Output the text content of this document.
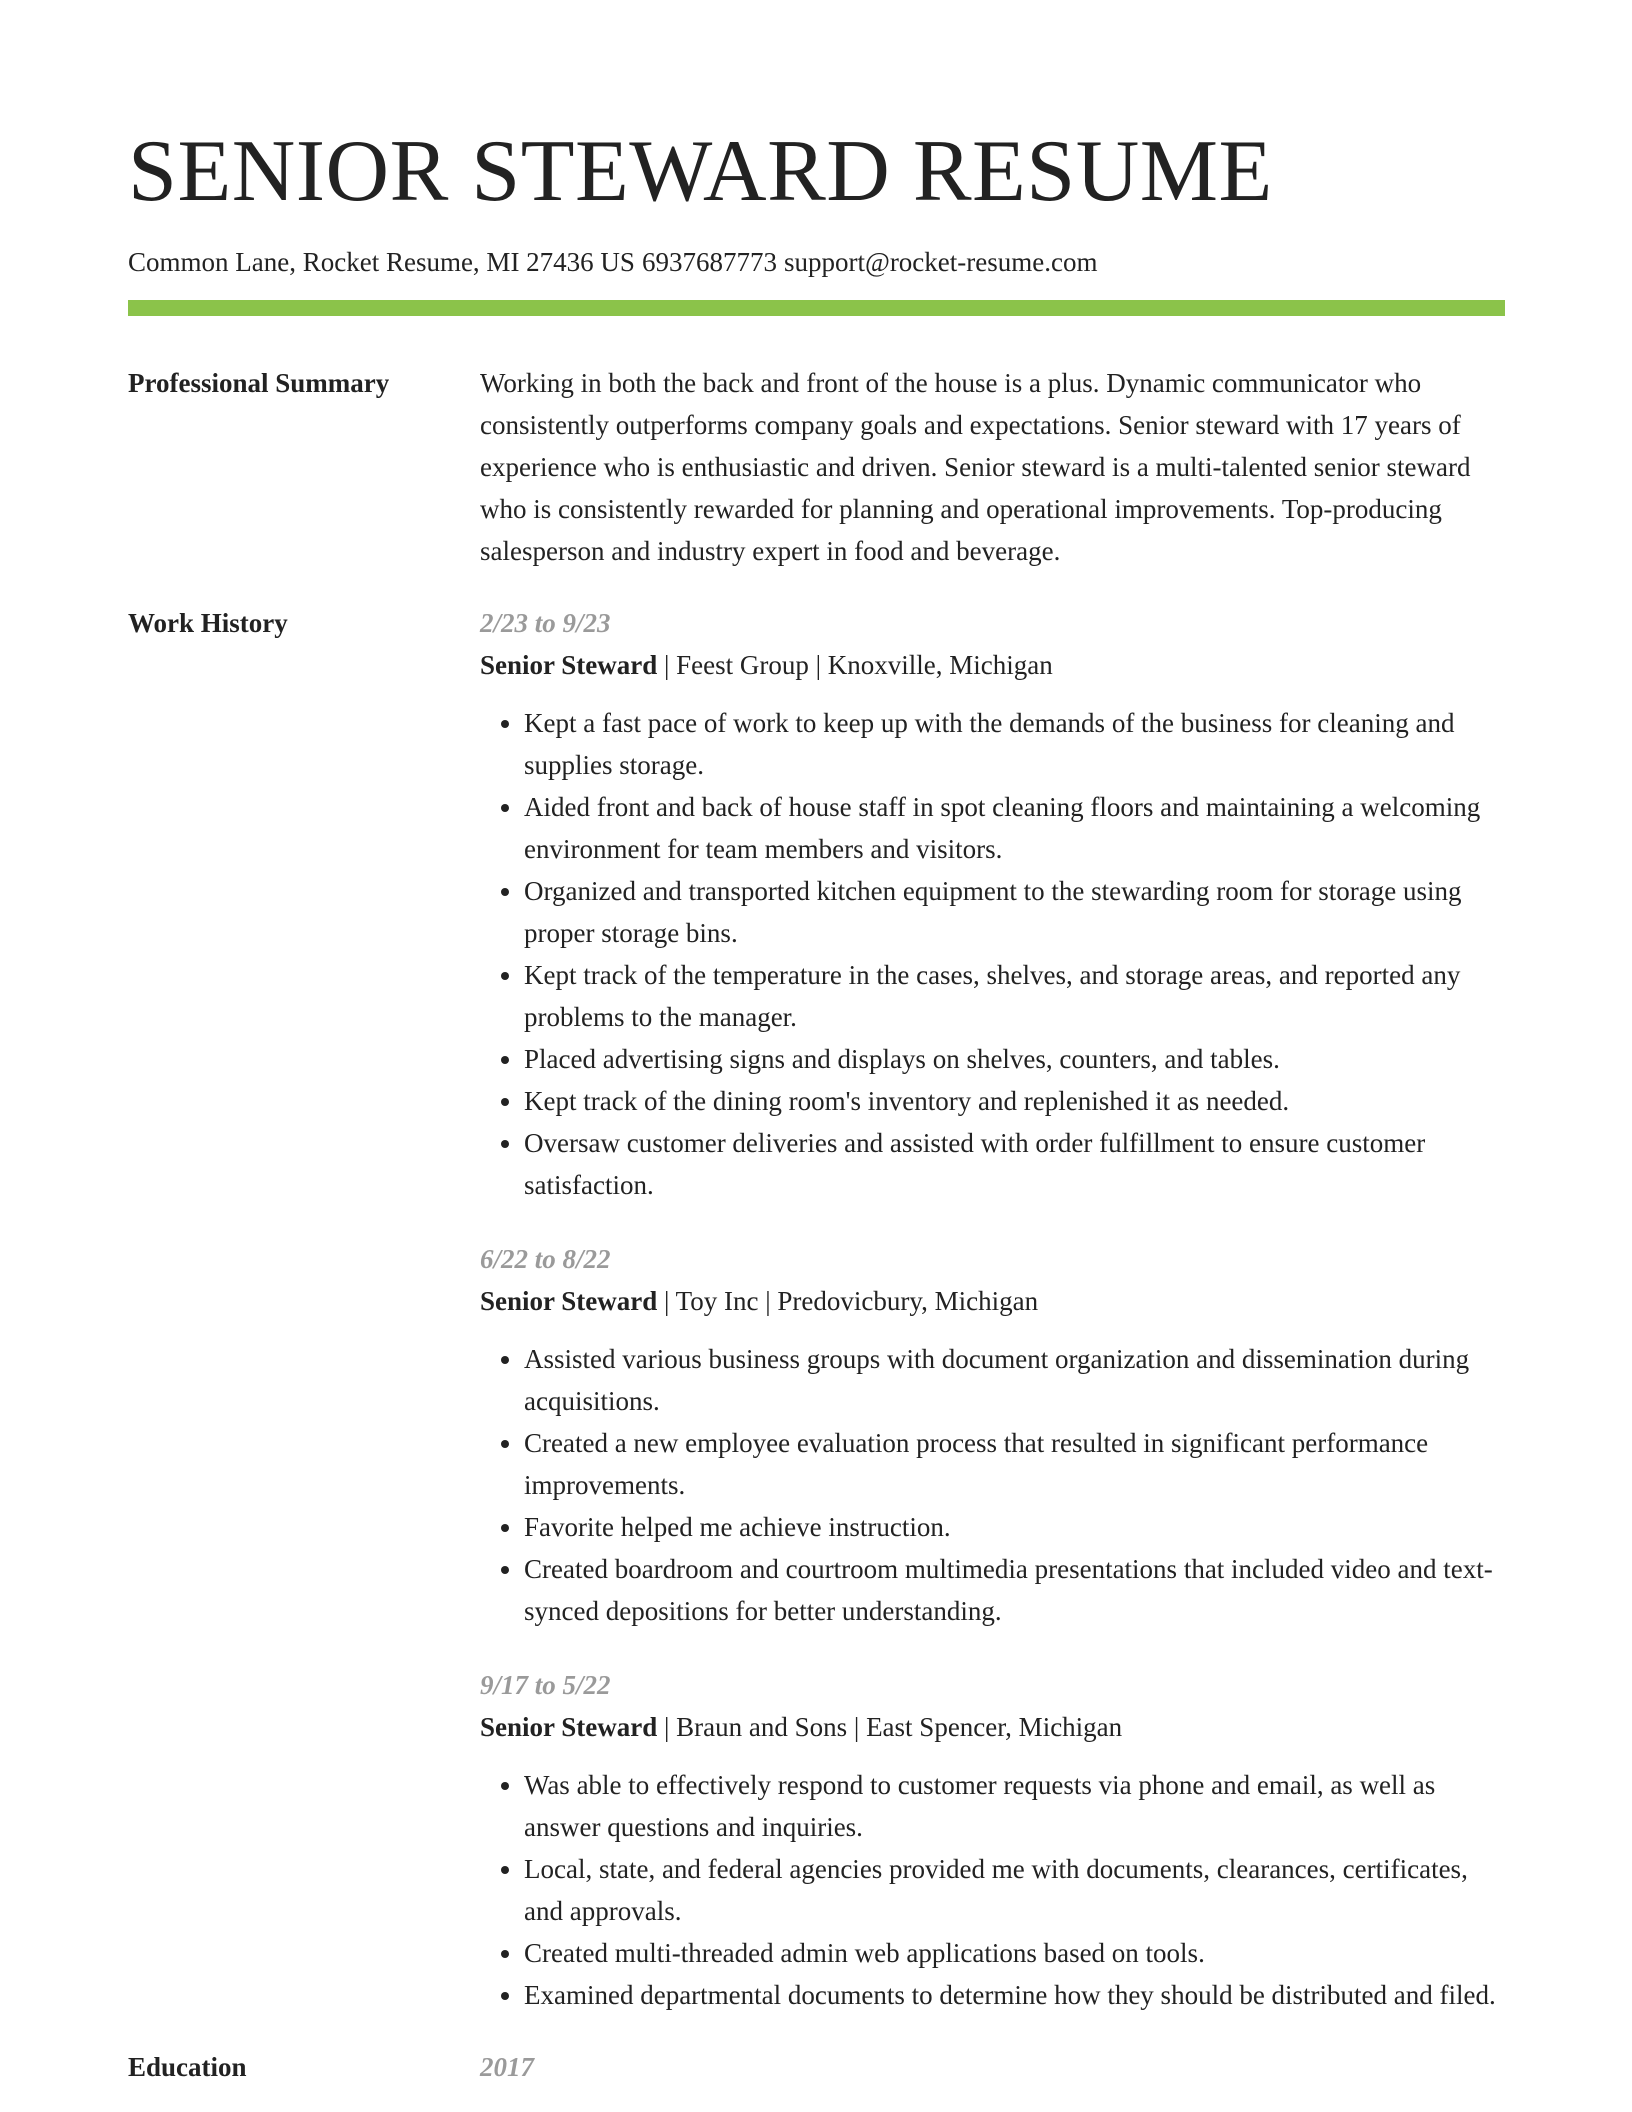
SENIOR STEWARD RESUME
Common Lane, Rocket Resume, MI 27436 US 6937687773 support@rocket-resume.com
Professional Summary	Working in both the back and front of the house is a plus. Dynamic communicator who consistently outperforms company goals and expectations. Senior steward with 17 years of experience who is enthusiastic and driven. Senior steward is a multi-talented senior steward who is consistently rewarded for planning and operational improvements. Top-producing salesperson and industry expert in food and beverage.
Work History	2/23 to 9/23
Senior Steward | Feest Group | Knoxville, Michigan
• Kept a fast pace of work to keep up with the demands of the business for cleaning and supplies storage.
• Aided front and back of house staff in spot cleaning floors and maintaining a welcoming environment for team members and visitors.
• Organized and transported kitchen equipment to the stewarding room for storage using proper storage bins.
• Kept track of the temperature in the cases, shelves, and storage areas, and reported any problems to the manager.
• Placed advertising signs and displays on shelves, counters, and tables.
• Kept track of the dining room's inventory and replenished it as needed.
• Oversaw customer deliveries and assisted with order fulfillment to ensure customer satisfaction.
6/22 to 8/22
Senior Steward | Toy Inc | Predovicbury, Michigan
• Assisted various business groups with document organization and dissemination during acquisitions.
• Created a new employee evaluation process that resulted in significant performance improvements.
• Favorite helped me achieve instruction.
• Created boardroom and courtroom multimedia presentations that included video and text-synced depositions for better understanding.
9/17 to 5/22
Senior Steward | Braun and Sons | East Spencer, Michigan
• Was able to effectively respond to customer requests via phone and email, as well as answer questions and inquiries.
• Local, state, and federal agencies provided me with documents, clearances, certificates, and approvals.
• Created multi-threaded admin web applications based on tools.
• Examined departmental documents to determine how they should be distributed and filed.
Education	2017
